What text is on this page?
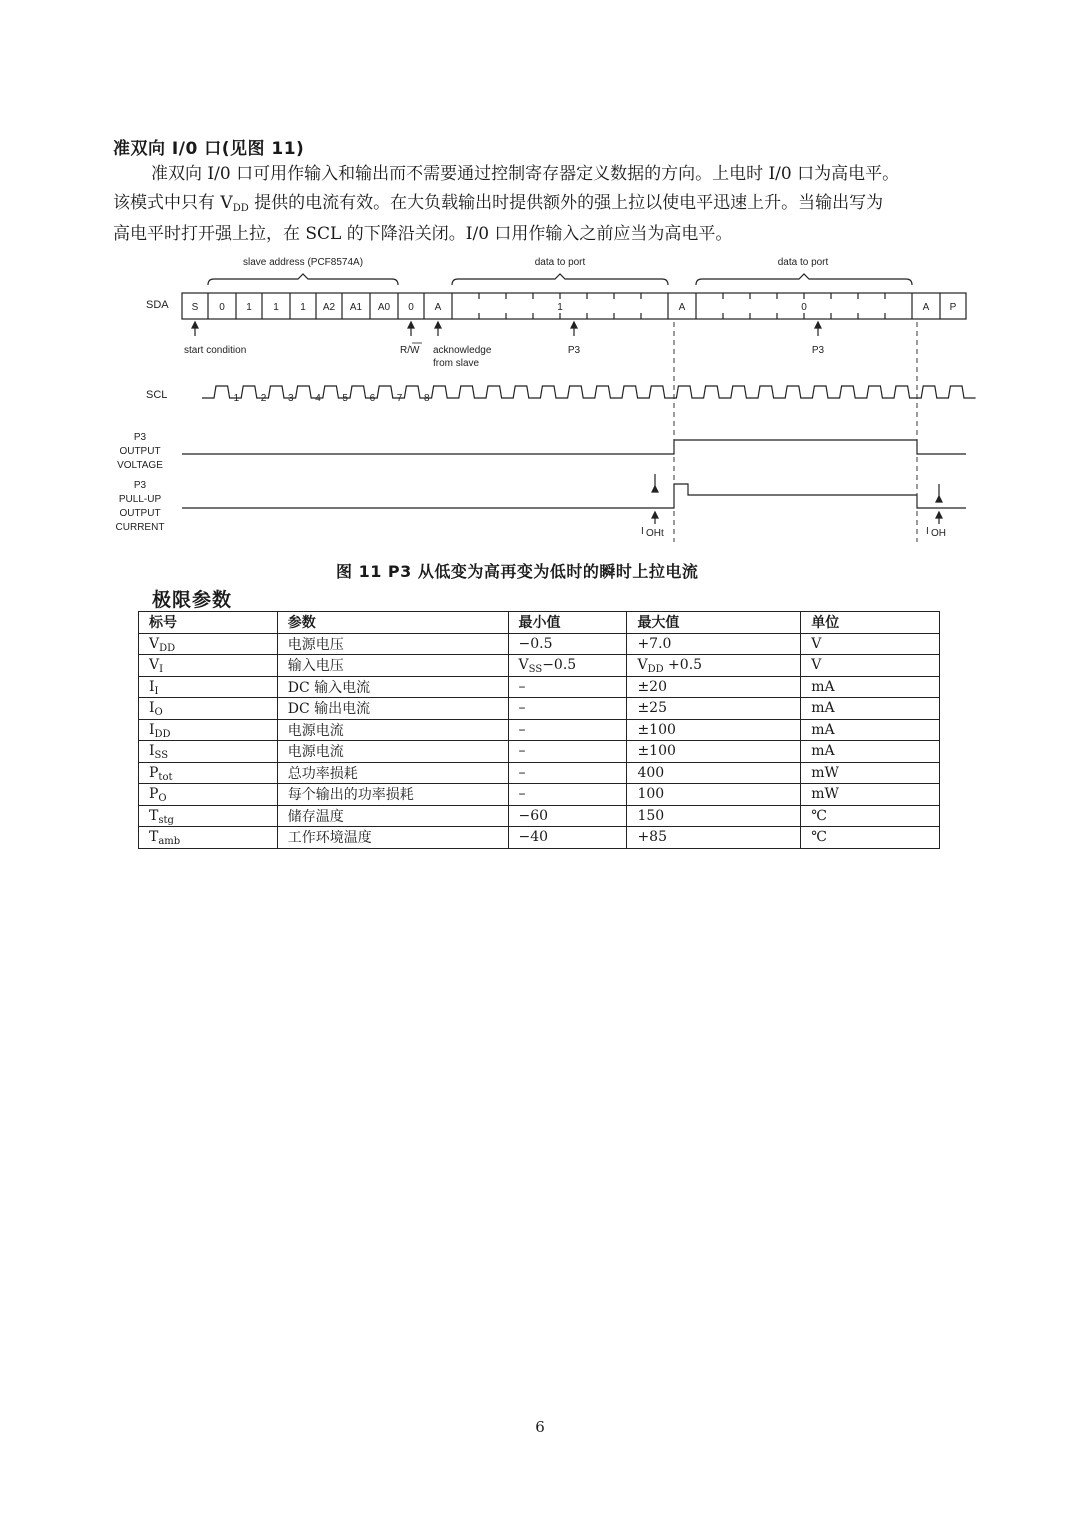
准双向 I/0 口(见图 11)
准双向 I/0 口可用作输入和输出而不需要通过控制寄存器定义数据的方向。上电时 I/0 口为高电平。
该模式中只有 VDD 提供的电流有效。在大负载输出时提供额外的强上拉以使电平迅速上升。当输出写为
高电平时打开强上拉，在 SCL 的下降沿关闭。I/0 口用作输入之前应当为高电平。
slave address (PCF8574A)	data to port	data to port
SDA S 0 1 1 1 A2 A1 A0 0 A	1	A	0	A P
start condition	R/W acknowledge
from slave
P3	P3
SCL	1 2 3 4 5 6 7 8
P3
OUTPUT
VOLTAGE
P3
PULL-UP
OUTPUT
CURRENT	I OHt	I OH
图 11 P3 从低变为高再变为低时的瞬时上拉电流
极限参数
标号	参数	最小值	最大值	单位
$V_{DD}$	电源电压	−0.5	+7.0	V
$V_I$	输入电压	$V_{SS}-0.5$	$V_{DD} +0.5$	V
$I_I$	DC 输入电流	–	±20	mA
$I_O$	DC 输出电流	–	±25	mA
$I_{DD}$	电源电流	–	±100	mA
$I_{SS}$	电源电流	–	±100	mA
$P_{tot}$	总功率损耗	–	400	mW
$P_O$	每个输出的功率损耗	–	100	mW
$T_{stg}$	储存温度	−60	150	℃
$T_{amb}$	工作环境温度	−40	+85	℃
6
